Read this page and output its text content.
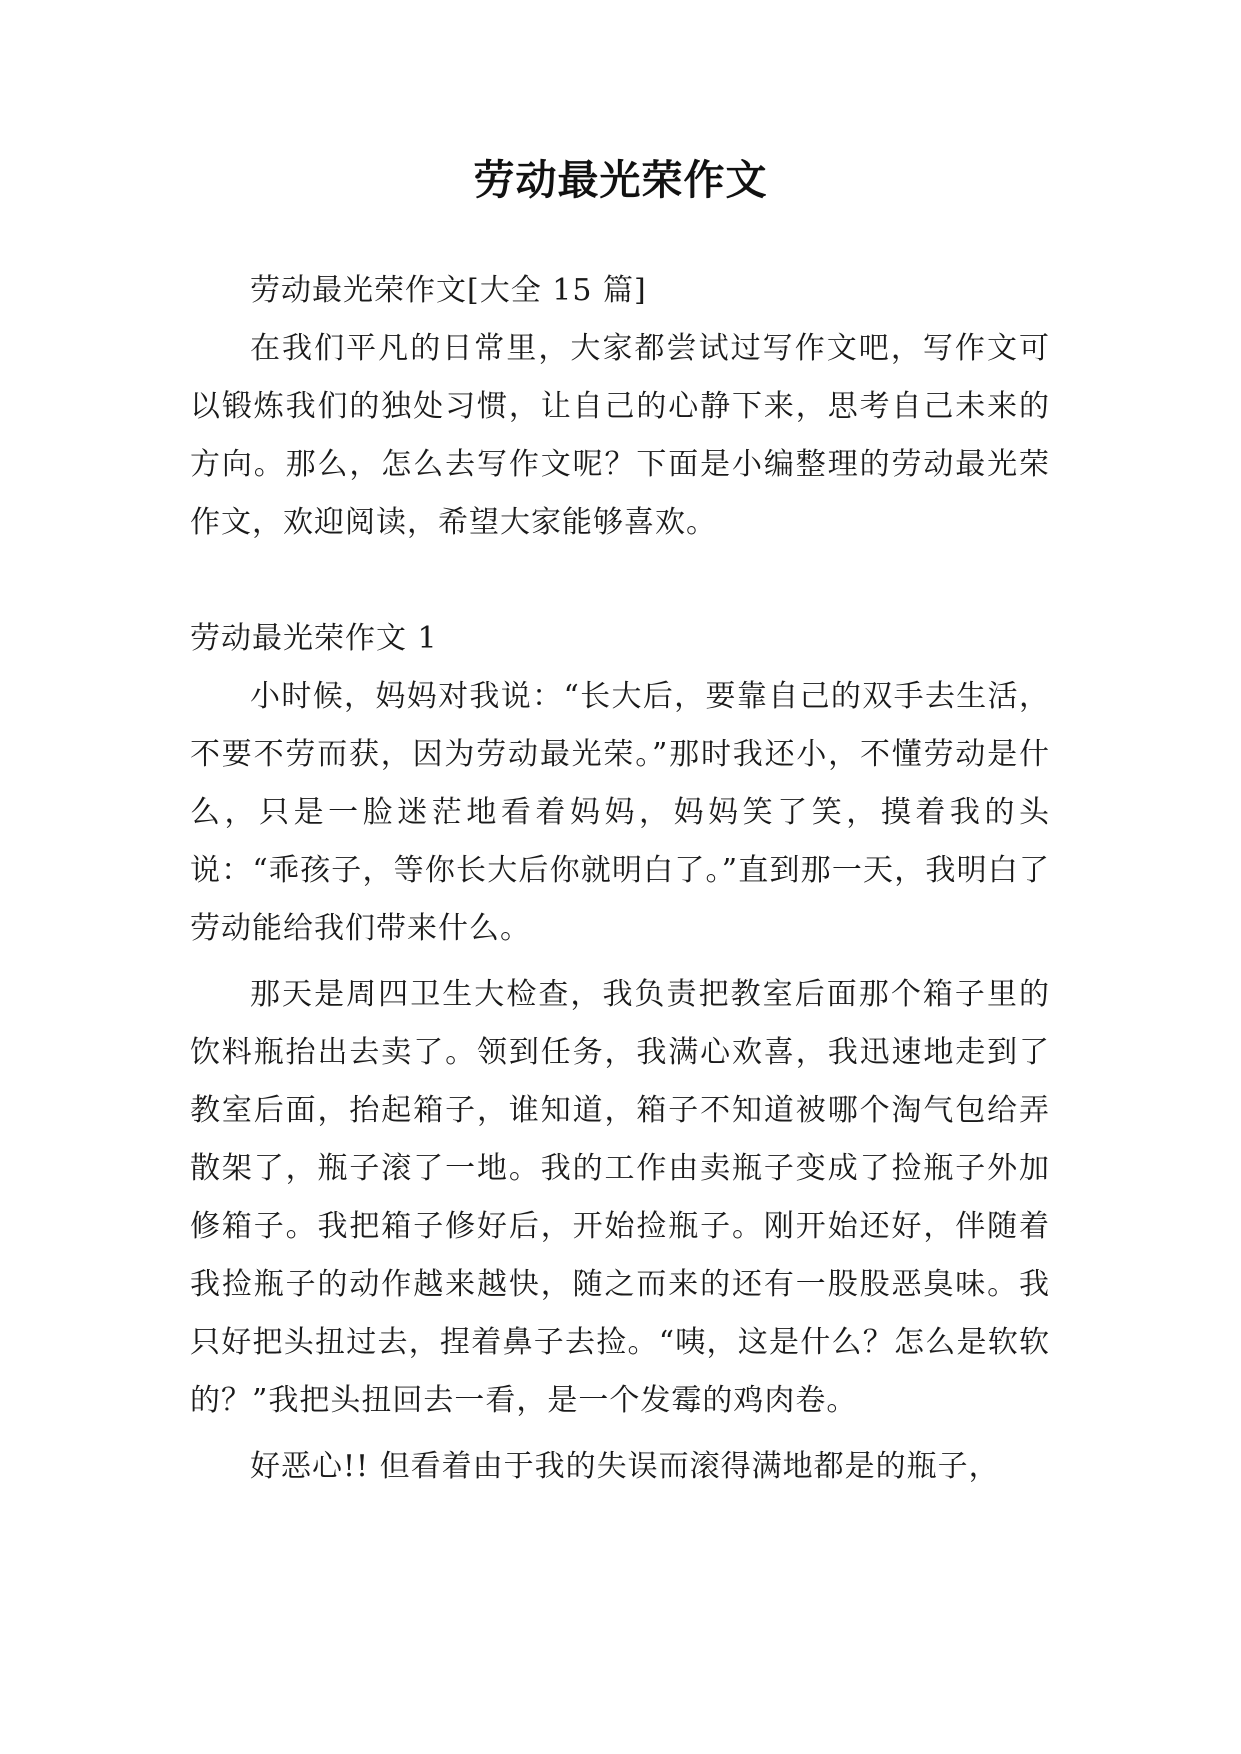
劳动最光荣作文

劳动最光荣作文[大全 15 篇]

在我们平凡的日常里，大家都尝试过写作文吧，写作文可以锻炼我们的独处习惯，让自己的心静下来，思考自己未来的方向。那么，怎么去写作文呢？下面是小编整理的劳动最光荣作文，欢迎阅读，希望大家能够喜欢。

劳动最光荣作文 1

小时候，妈妈对我说：“长大后，要靠自己的双手去生活，不要不劳而获，因为劳动最光荣。”那时我还小，不懂劳动是什么，只是一脸迷茫地看着妈妈，妈妈笑了笑，摸着我的头说：“乖孩子，等你长大后你就明白了。”直到那一天，我明白了劳动能给我们带来什么。

那天是周四卫生大检查，我负责把教室后面那个箱子里的饮料瓶抬出去卖了。领到任务，我满心欢喜，我迅速地走到了教室后面，抬起箱子，谁知道，箱子不知道被哪个淘气包给弄散架了，瓶子滚了一地。我的工作由卖瓶子变成了捡瓶子外加修箱子。我把箱子修好后，开始捡瓶子。刚开始还好，伴随着我捡瓶子的动作越来越快，随之而来的还有一股股恶臭味。我只好把头扭过去，捏着鼻子去捡。“咦，这是什么？怎么是软软的？”我把头扭回去一看，是一个发霉的鸡肉卷。

好恶心!! 但看着由于我的失误而滚得满地都是的瓶子，
